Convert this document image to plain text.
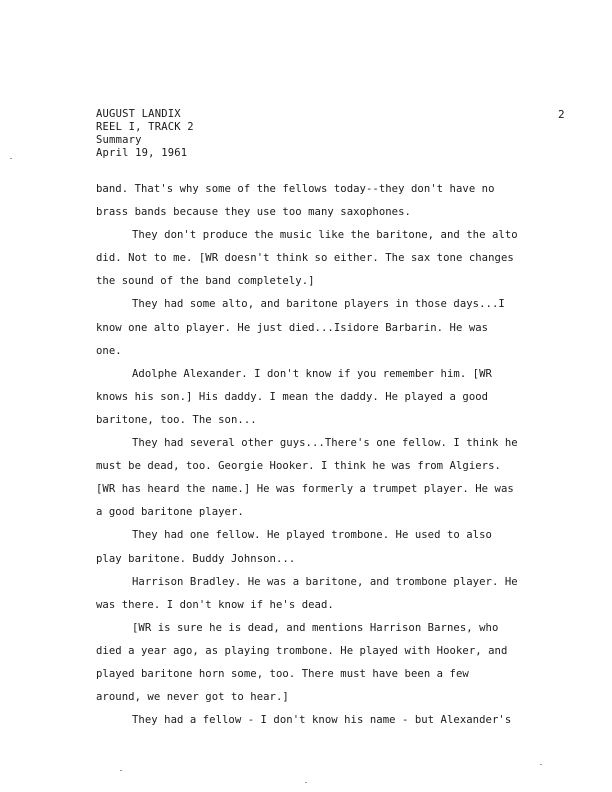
AUGUST LANDIX
REEL I, TRACK 2
Summary
April 19, 1961
2
band. That's why some of the fellows today--they don't have no
brass bands because they use too many saxophones.
They don't produce the music like the baritone, and the alto
did. Not to me. [WR doesn't think so either. The sax tone changes
the sound of the band completely.]
They had some alto, and baritone players in those days...I
know one alto player. He just died...Isidore Barbarin. He was
one.
Adolphe Alexander. I don't know if you remember him. [WR
knows his son.] His daddy. I mean the daddy. He played a good
baritone, too. The son...
They had several other guys...There's one fellow. I think he
must be dead, too. Georgie Hooker. I think he was from Algiers.
[WR has heard the name.] He was formerly a trumpet player. He was
a good baritone player.
They had one fellow. He played trombone. He used to also
play baritone. Buddy Johnson...
Harrison Bradley. He was a baritone, and trombone player. He
was there. I don't know if he's dead.
[WR is sure he is dead, and mentions Harrison Barnes, who
died a year ago, as playing trombone. He played with Hooker, and
played baritone horn some, too. There must have been a few
around, we never got to hear.]
They had a fellow - I don't know his name - but Alexander's
